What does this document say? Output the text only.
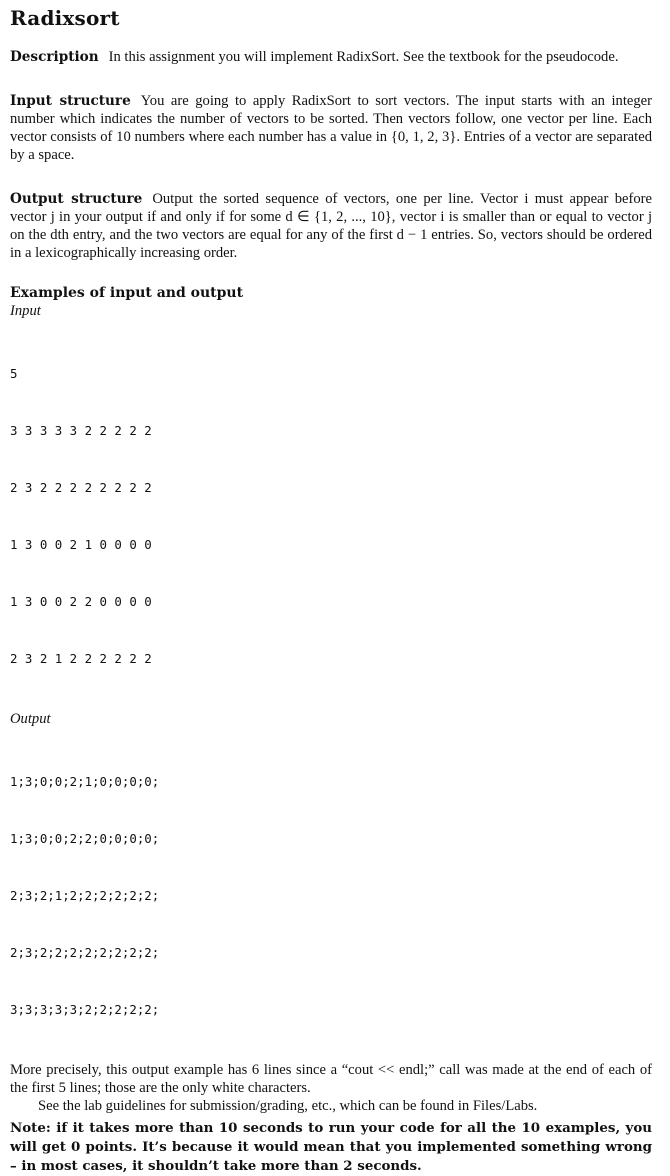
Radixsort

Description In this assignment you will implement RadixSort. See the textbook for the pseudocode.

Input structure You are going to apply RadixSort to sort vectors. The input starts with an integer number which indicates the number of vectors to be sorted. Then vectors follow, one vector per line. Each vector consists of 10 numbers where each number has a value in {0, 1, 2, 3}. Entries of a vector are separated by a space.

Output structure Output the sorted sequence of vectors, one per line. Vector i must appear before vector j in your output if and only if for some d ∈ {1, 2, ..., 10}, vector i is smaller than or equal to vector j on the dth entry, and the two vectors are equal for any of the first d − 1 entries. So, vectors should be ordered in a lexicographically increasing order.

Examples of input and output
Input

5

3 3 3 3 3 2 2 2 2 2

2 3 2 2 2 2 2 2 2 2

1 3 0 0 2 1 0 0 0 0

1 3 0 0 2 2 0 0 0 0

2 3 2 1 2 2 2 2 2 2

Output

1;3;0;0;2;1;0;0;0;0;

1;3;0;0;2;2;0;0;0;0;

2;3;2;1;2;2;2;2;2;2;

2;3;2;2;2;2;2;2;2;2;

3;3;3;3;3;2;2;2;2;2;

More precisely, this output example has 6 lines since a “cout << endl;” call was made at the end of each of the first 5 lines; those are the only white characters.

See the lab guidelines for submission/grading, etc., which can be found in Files/Labs.

Note: if it takes more than 10 seconds to run your code for all the 10 examples, you will get 0 points. It’s because it would mean that you implemented something wrong – in most cases, it shouldn’t take more than 2 seconds.
